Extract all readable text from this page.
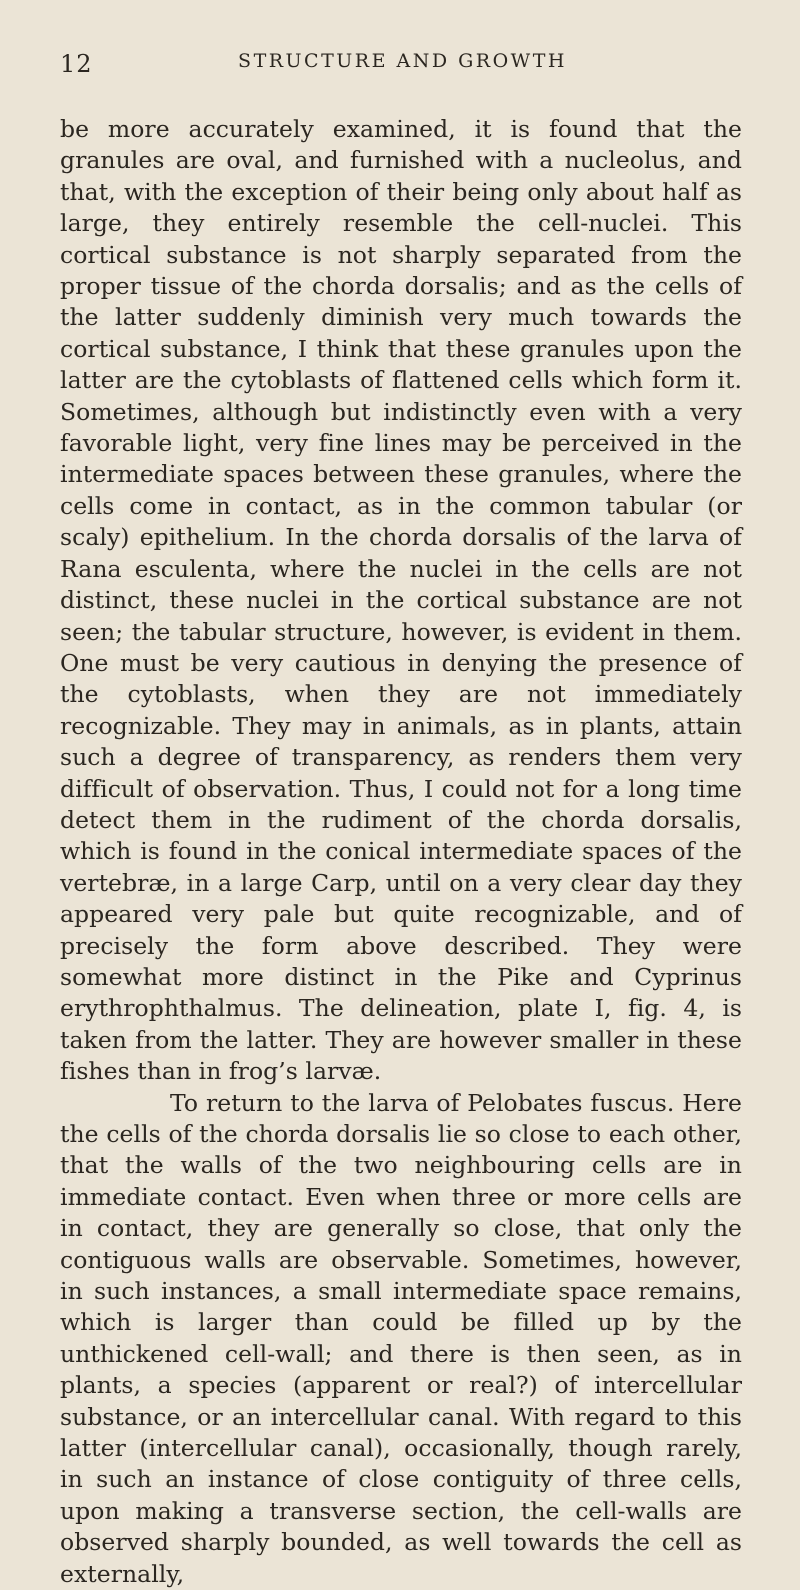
12	STRUCTURE AND GROWTH

be more accurately examined, it is found that the granules are oval, and furnished with a nucleolus, and that, with the exception of their being only about half as large, they entirely resemble the cell-nuclei. This cortical substance is not sharply separated from the proper tissue of the chorda dorsalis; and as the cells of the latter suddenly diminish very much towards the cortical substance, I think that these granules upon the latter are the cytoblasts of flattened cells which form it. Sometimes, although but indistinctly even with a very favorable light, very fine lines may be perceived in the intermediate spaces between these granules, where the cells come in contact, as in the common tabular (or scaly) epithelium. In the chorda dorsalis of the larva of Rana esculenta, where the nuclei in the cells are not distinct, these nuclei in the cortical substance are not seen; the tabular structure, however, is evident in them. One must be very cautious in denying the presence of the cytoblasts, when they are not immediately recognizable. They may in animals, as in plants, attain such a degree of transparency, as renders them very difficult of observation. Thus, I could not for a long time detect them in the rudiment of the chorda dorsalis, which is found in the conical intermediate spaces of the vertebræ, in a large Carp, until on a very clear day they appeared very pale but quite recognizable, and of precisely the form above described. They were somewhat more distinct in the Pike and Cyprinus erythrophthalmus. The delineation, plate I, fig. 4, is taken from the latter. They are however smaller in these fishes than in frog’s larvæ.

To return to the larva of Pelobates fuscus. Here the cells of the chorda dorsalis lie so close to each other, that the walls of the two neighbouring cells are in immediate contact. Even when three or more cells are in contact, they are generally so close, that only the contiguous walls are observable. Sometimes, however, in such instances, a small intermediate space remains, which is larger than could be filled up by the unthickened cell-wall; and there is then seen, as in plants, a species (apparent or real?) of intercellular substance, or an intercellular canal. With regard to this latter (intercellular canal), occasionally, though rarely, in such an instance of close contiguity of three cells, upon making a transverse section, the cell-walls are observed sharply bounded, as well towards the cell as externally,
